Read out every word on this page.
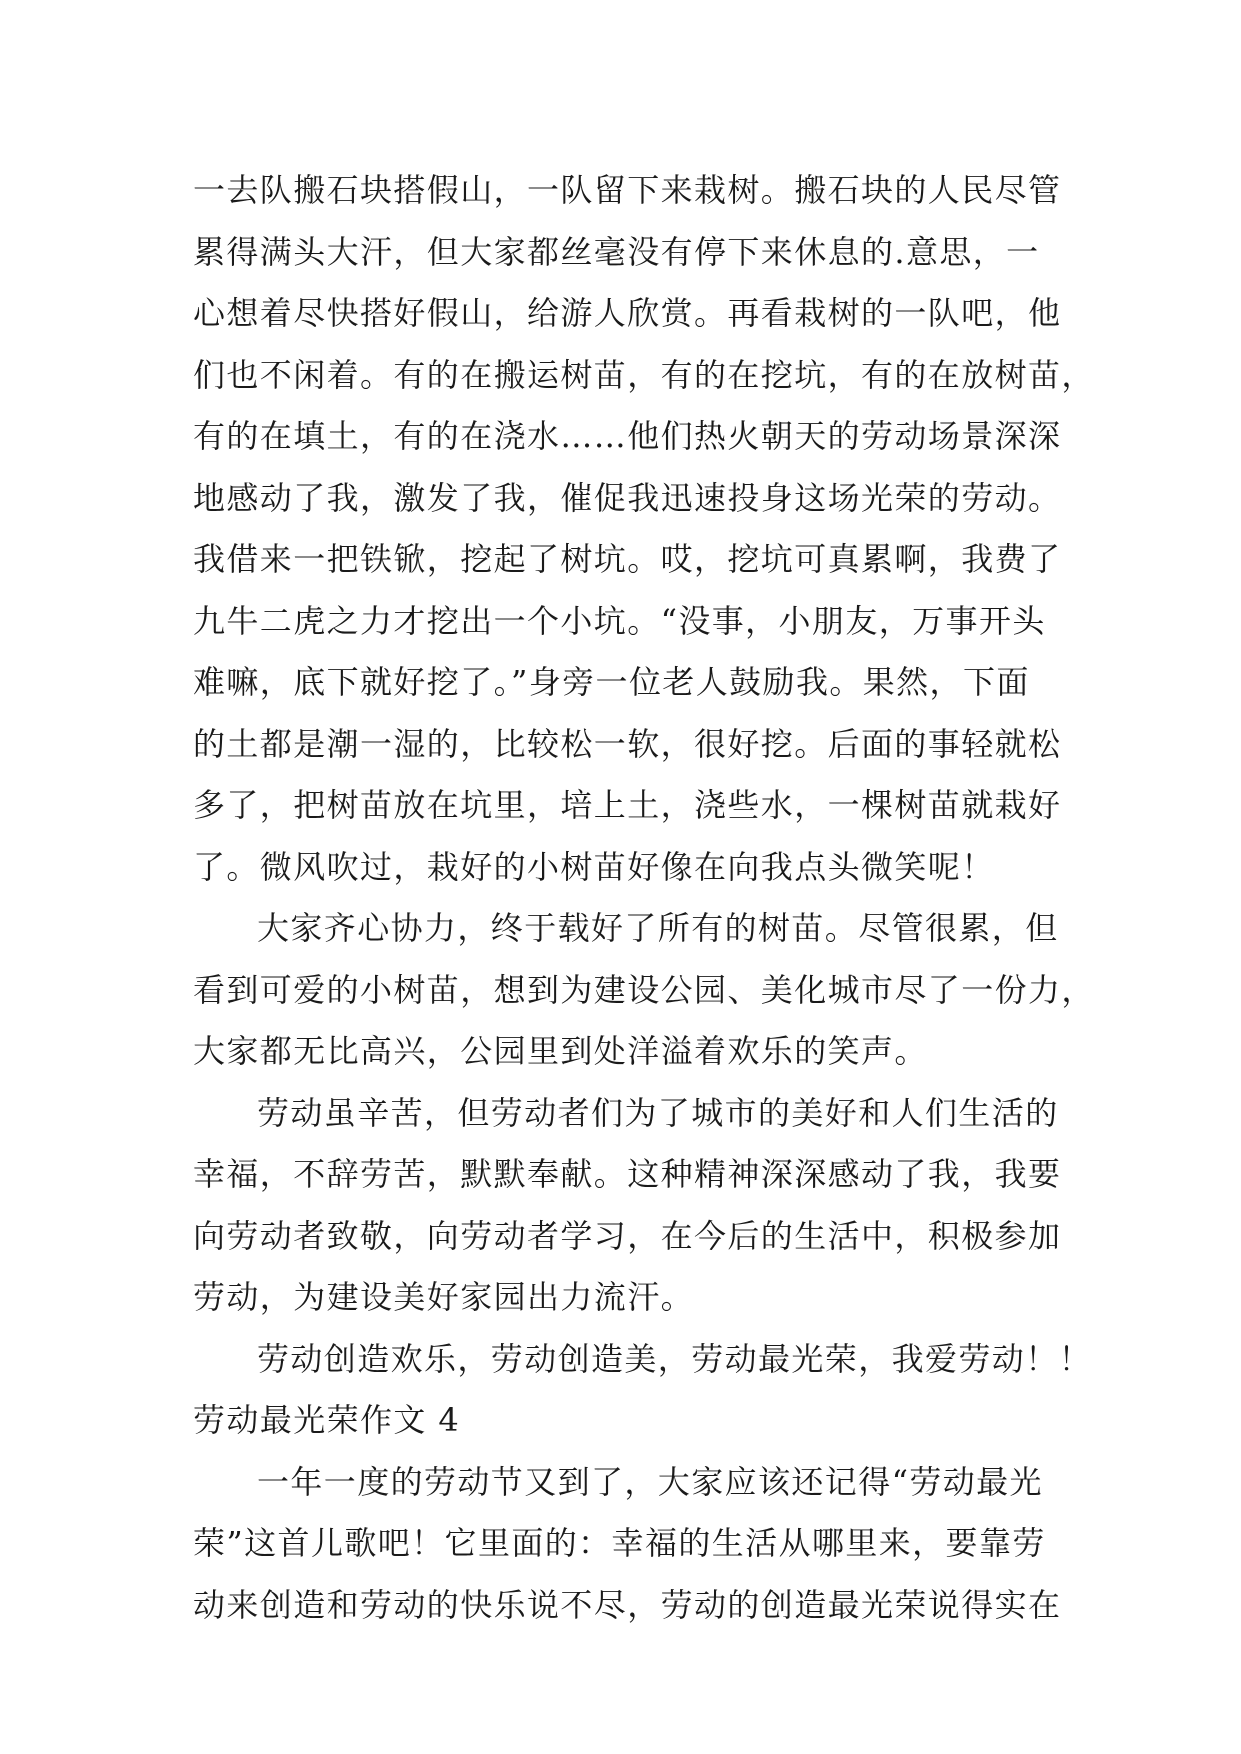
一去队搬石块搭假山，一队留下来栽树。搬石块的人民尽管
累得满头大汗，但大家都丝毫没有停下来休息的.意思，一
心想着尽快搭好假山，给游人欣赏。再看栽树的一队吧，他
们也不闲着。有的在搬运树苗，有的在挖坑，有的在放树苗，
有的在填土，有的在浇水……他们热火朝天的劳动场景深深
地感动了我，激发了我，催促我迅速投身这场光荣的劳动。
我借来一把铁锨，挖起了树坑。哎，挖坑可真累啊，我费了
九牛二虎之力才挖出一个小坑。“没事，小朋友，万事开头
难嘛，底下就好挖了。”身旁一位老人鼓励我。果然，下面
的土都是潮一湿的，比较松一软，很好挖。后面的事轻就松
多了，把树苗放在坑里，培上土，浇些水，一棵树苗就栽好
了。微风吹过，栽好的小树苗好像在向我点头微笑呢！
大家齐心协力，终于载好了所有的树苗。尽管很累，但
看到可爱的小树苗，想到为建设公园、美化城市尽了一份力，
大家都无比高兴，公园里到处洋溢着欢乐的笑声。
劳动虽辛苦，但劳动者们为了城市的美好和人们生活的
幸福，不辞劳苦，默默奉献。这种精神深深感动了我，我要
向劳动者致敬，向劳动者学习，在今后的生活中，积极参加
劳动，为建设美好家园出力流汗。
劳动创造欢乐，劳动创造美，劳动最光荣，我爱劳动！！
劳动最光荣作文 4
一年一度的劳动节又到了，大家应该还记得“劳动最光
荣”这首儿歌吧！它里面的：幸福的生活从哪里来，要靠劳
动来创造和劳动的快乐说不尽，劳动的创造最光荣说得实在
